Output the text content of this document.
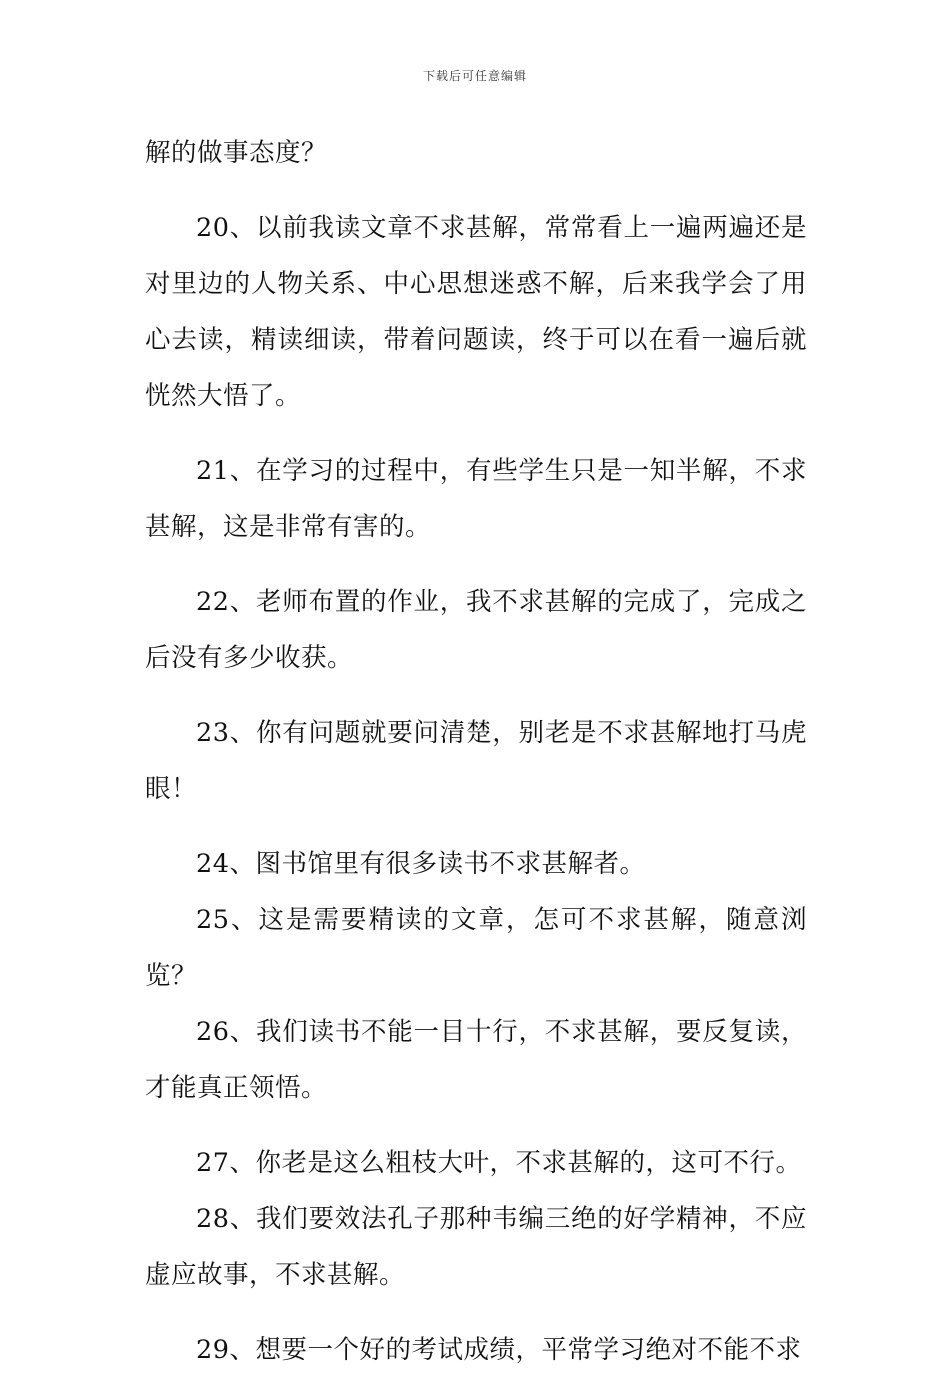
下载后可任意编辑

解的做事态度？

20、以前我读文章不求甚解，常常看上一遍两遍还是对里边的人物关系、中心思想迷惑不解，后来我学会了用心去读，精读细读，带着问题读，终于可以在看一遍后就恍然大悟了。

21、在学习的过程中，有些学生只是一知半解，不求甚解，这是非常有害的。

22、老师布置的作业，我不求甚解的完成了，完成之后没有多少收获。

23、你有问题就要问清楚，别老是不求甚解地打马虎眼！

24、图书馆里有很多读书不求甚解者。

25、这是需要精读的文章，怎可不求甚解，随意浏览？

26、我们读书不能一目十行，不求甚解，要反复读，才能真正领悟。

27、你老是这么粗枝大叶，不求甚解的，这可不行。

28、我们要效法孔子那种韦编三绝的好学精神，不应虚应故事，不求甚解。

29、想要一个好的考试成绩，平常学习绝对不能不求
